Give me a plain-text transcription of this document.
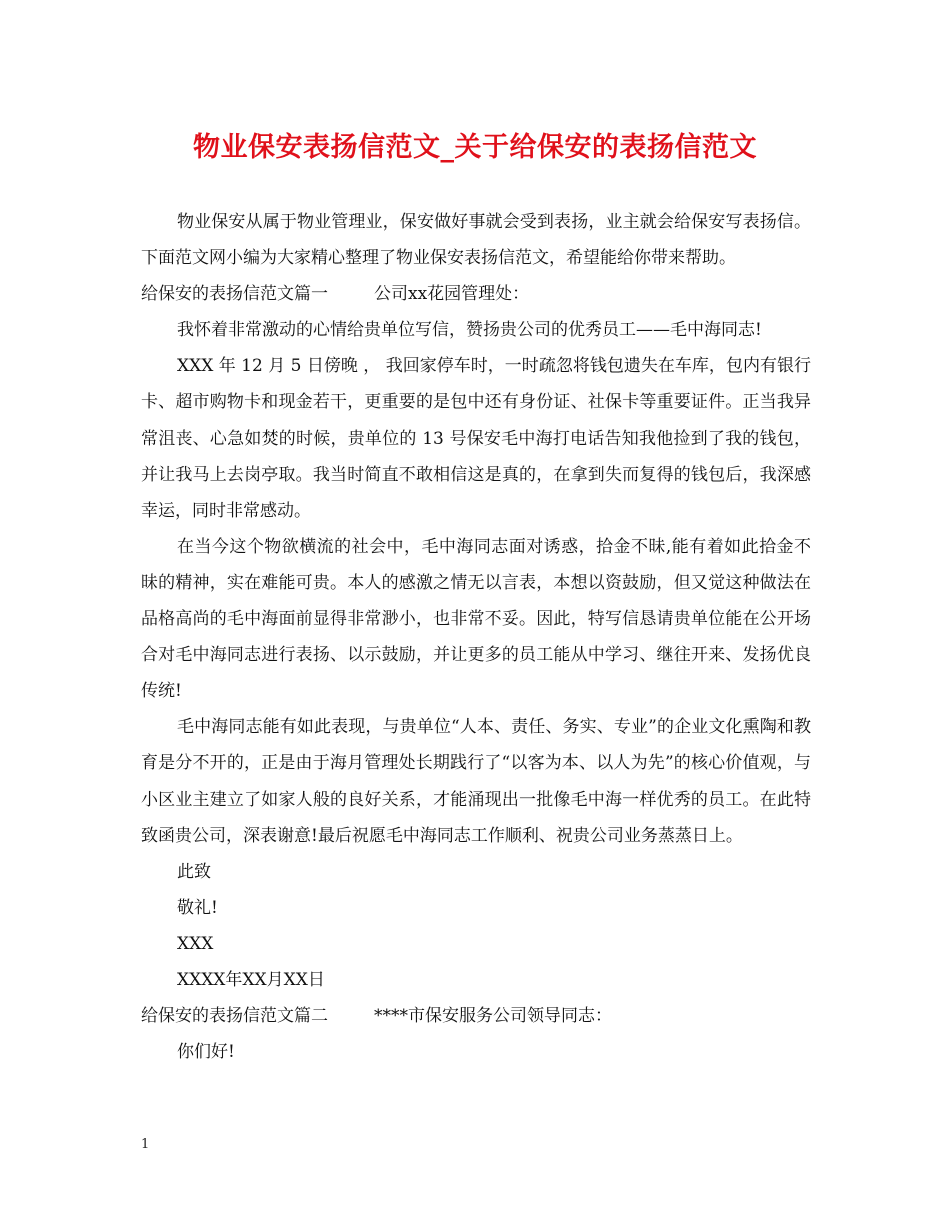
物业保安表扬信范文_关于给保安的表扬信范文

物业保安从属于物业管理业，保安做好事就会受到表扬，业主就会给保安写表扬信。下面范文网小编为大家精心整理了物业保安表扬信范文，希望能给你带来帮助。

给保安的表扬信范文篇一	公司xx花园管理处：

我怀着非常激动的心情给贵单位写信，赞扬贵公司的优秀员工——毛中海同志!

XXX 年 12 月 5 日傍晚 ， 我回家停车时，一时疏忽将钱包遗失在车库，包内有银行卡、超市购物卡和现金若干，更重要的是包中还有身份证、社保卡等重要证件。正当我异常沮丧、心急如焚的时候，贵单位的 13 号保安毛中海打电话告知我他捡到了我的钱包，并让我马上去岗亭取。我当时简直不敢相信这是真的，在拿到失而复得的钱包后，我深感幸运，同时非常感动。

在当今这个物欲横流的社会中，毛中海同志面对诱惑，拾金不昧,能有着如此拾金不昧的精神，实在难能可贵。本人的感激之情无以言表，本想以资鼓励，但又觉这种做法在品格高尚的毛中海面前显得非常渺小，也非常不妥。因此，特写信恳请贵单位能在公开场合对毛中海同志进行表扬、以示鼓励，并让更多的员工能从中学习、继往开来、发扬优良传统!

毛中海同志能有如此表现，与贵单位“人本、责任、务实、专业”的企业文化熏陶和教育是分不开的，正是由于海月管理处长期践行了“以客为本、以人为先”的核心价值观，与小区业主建立了如家人般的良好关系，才能涌现出一批像毛中海一样优秀的员工。在此特致函贵公司，深表谢意!最后祝愿毛中海同志工作顺利、祝贵公司业务蒸蒸日上。

此致

敬礼!

XXX

XXXX年XX月XX日

给保安的表扬信范文篇二	****市保安服务公司领导同志：

你们好!

1
